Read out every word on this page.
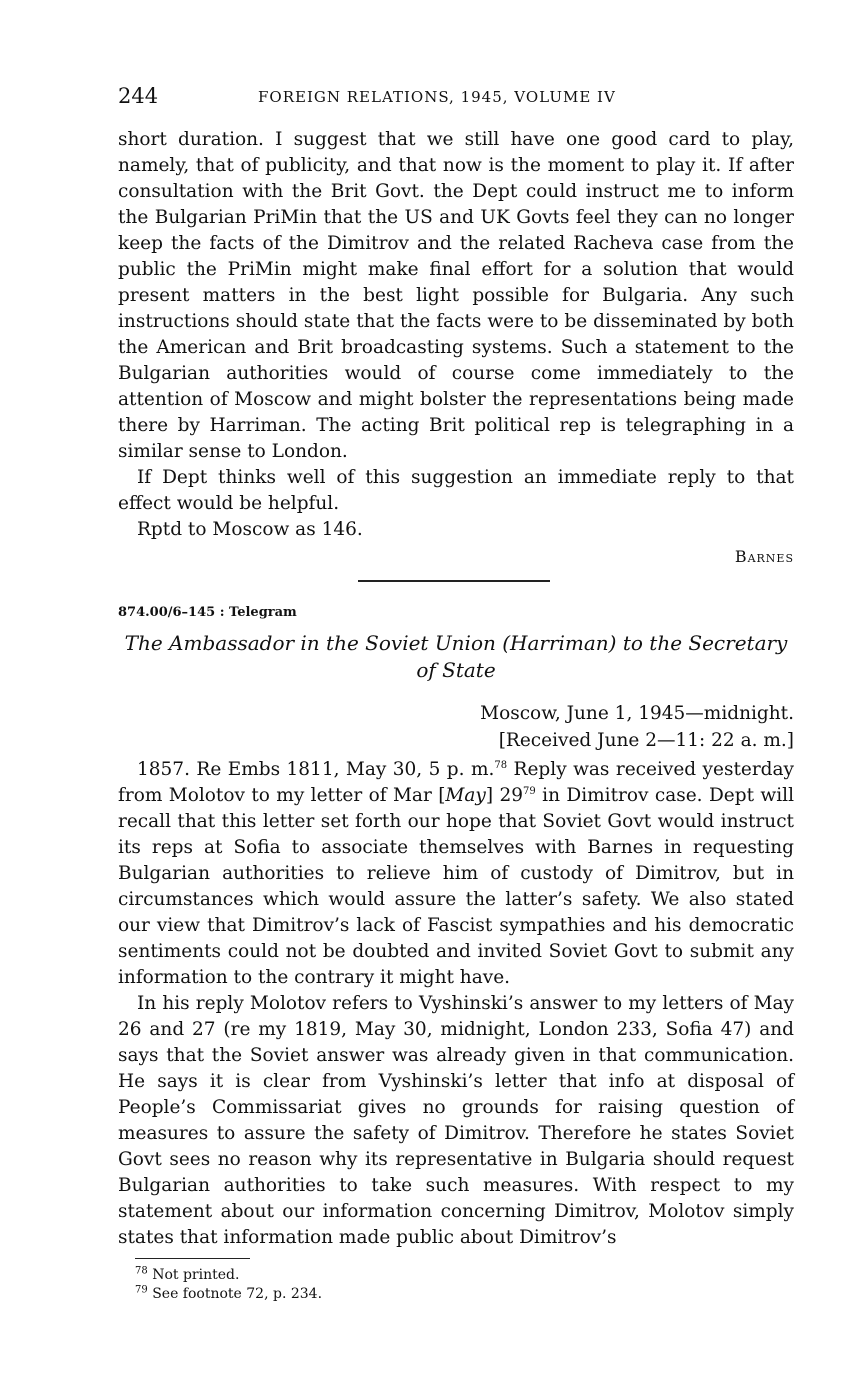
244	FOREIGN RELATIONS, 1945, VOLUME IV

short duration. I suggest that we still have one good card to play, namely, that of publicity, and that now is the moment to play it. If after consultation with the Brit Govt. the Dept could instruct me to inform the Bulgarian PriMin that the US and UK Govts feel they can no longer keep the facts of the Dimitrov and the related Racheva case from the public the PriMin might make final effort for a solution that would present matters in the best light possible for Bulgaria. Any such instructions should state that the facts were to be disseminated by both the American and Brit broadcasting systems. Such a statement to the Bulgarian authorities would of course come immediately to the attention of Moscow and might bolster the representations being made there by Harriman. The acting Brit political rep is telegraphing in a similar sense to London.

If Dept thinks well of this suggestion an immediate reply to that effect would be helpful.

Rptd to Moscow as 146.

Barnes
874.00/6–145 : Telegram
The Ambassador in the Soviet Union (Harriman) to the Secretary of State
Moscow, June 1, 1945—midnight.
[Received June 2—11: 22 a. m.]

1857. Re Embs 1811, May 30, 5 p. m.$^{78}$ Reply was received yesterday from Molotov to my letter of Mar [May] $29^{79}$ in Dimitrov case. Dept will recall that this letter set forth our hope that Soviet Govt would instruct its reps at Sofia to associate themselves with Barnes in requesting Bulgarian authorities to relieve him of custody of Dimitrov, but in circumstances which would assure the latter’s safety. We also stated our view that Dimitrov’s lack of Fascist sympathies and his democratic sentiments could not be doubted and invited Soviet Govt to submit any information to the contrary it might have.

In his reply Molotov refers to Vyshinski’s answer to my letters of May 26 and 27 (re my 1819, May 30, midnight, London 233, Sofia 47) and says that the Soviet answer was already given in that communication. He says it is clear from Vyshinski’s letter that info at disposal of People’s Commissariat gives no grounds for raising question of measures to assure the safety of Dimitrov. Therefore he states Soviet Govt sees no reason why its representative in Bulgaria should request Bulgarian authorities to take such measures. With respect to my statement about our information concerning Dimitrov, Molotov simply states that information made public about Dimitrov’s

$^{78}$ Not printed.
$^{79}$ See footnote 72, p. 234.
